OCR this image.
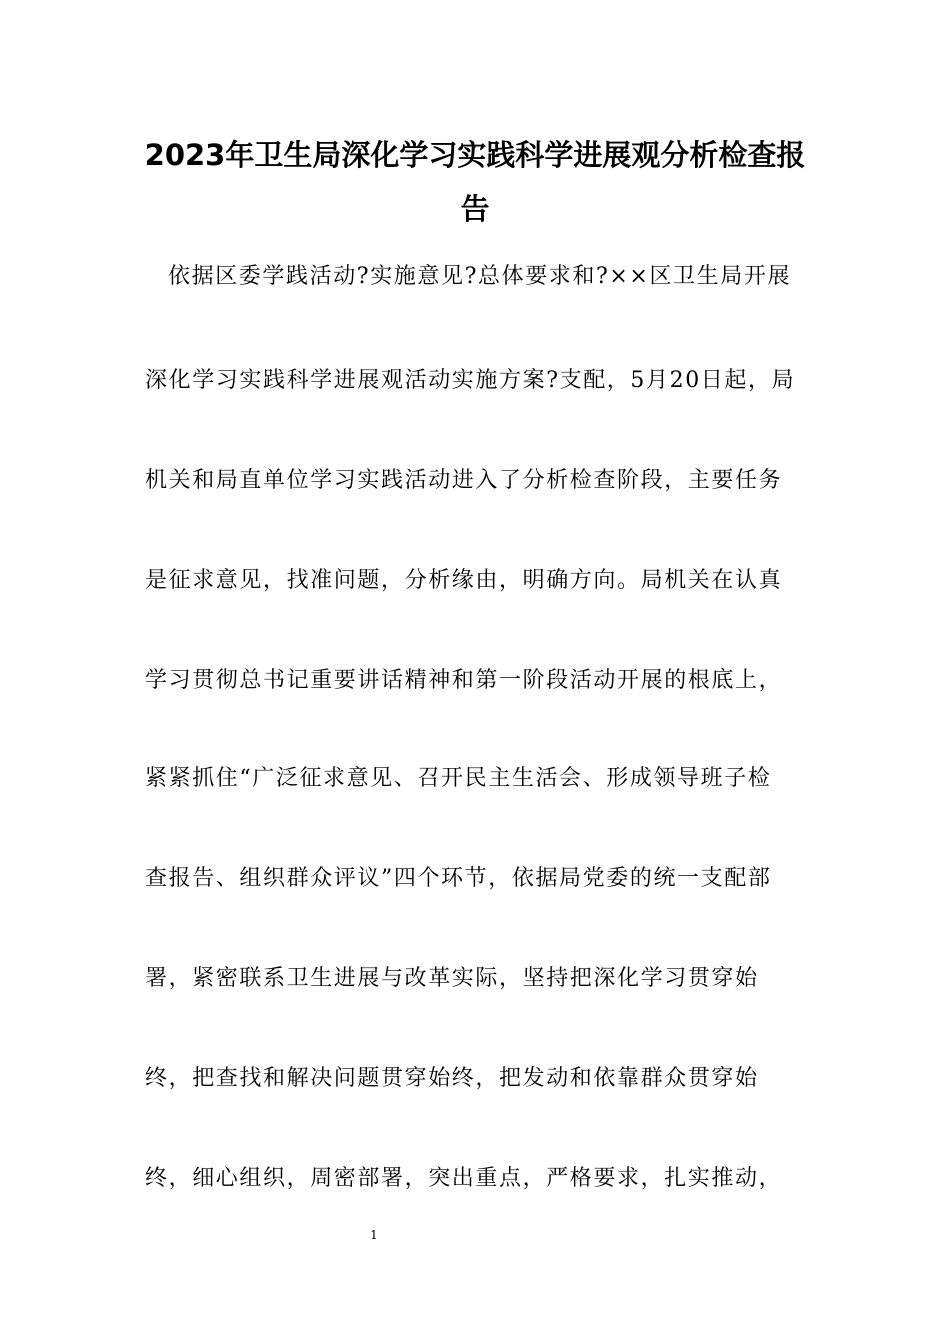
2023年卫生局深化学习实践科学进展观分析检查报
告
依据区委学践活动?实施意见?总体要求和?××区卫生局开展
深化学习实践科学进展观活动实施方案?支配，5月20日起，局
机关和局直单位学习实践活动进入了分析检查阶段，主要任务
是征求意见，找准问题，分析缘由，明确方向。局机关在认真
学习贯彻总书记重要讲话精神和第一阶段活动开展的根底上，
紧紧抓住“广泛征求意见、召开民主生活会、形成领导班子检
查报告、组织群众评议”四个环节，依据局党委的统一支配部
署，紧密联系卫生进展与改革实际，坚持把深化学习贯穿始
终，把查找和解决问题贯穿始终，把发动和依靠群众贯穿始
终，细心组织，周密部署，突出重点，严格要求，扎实推动，
1
